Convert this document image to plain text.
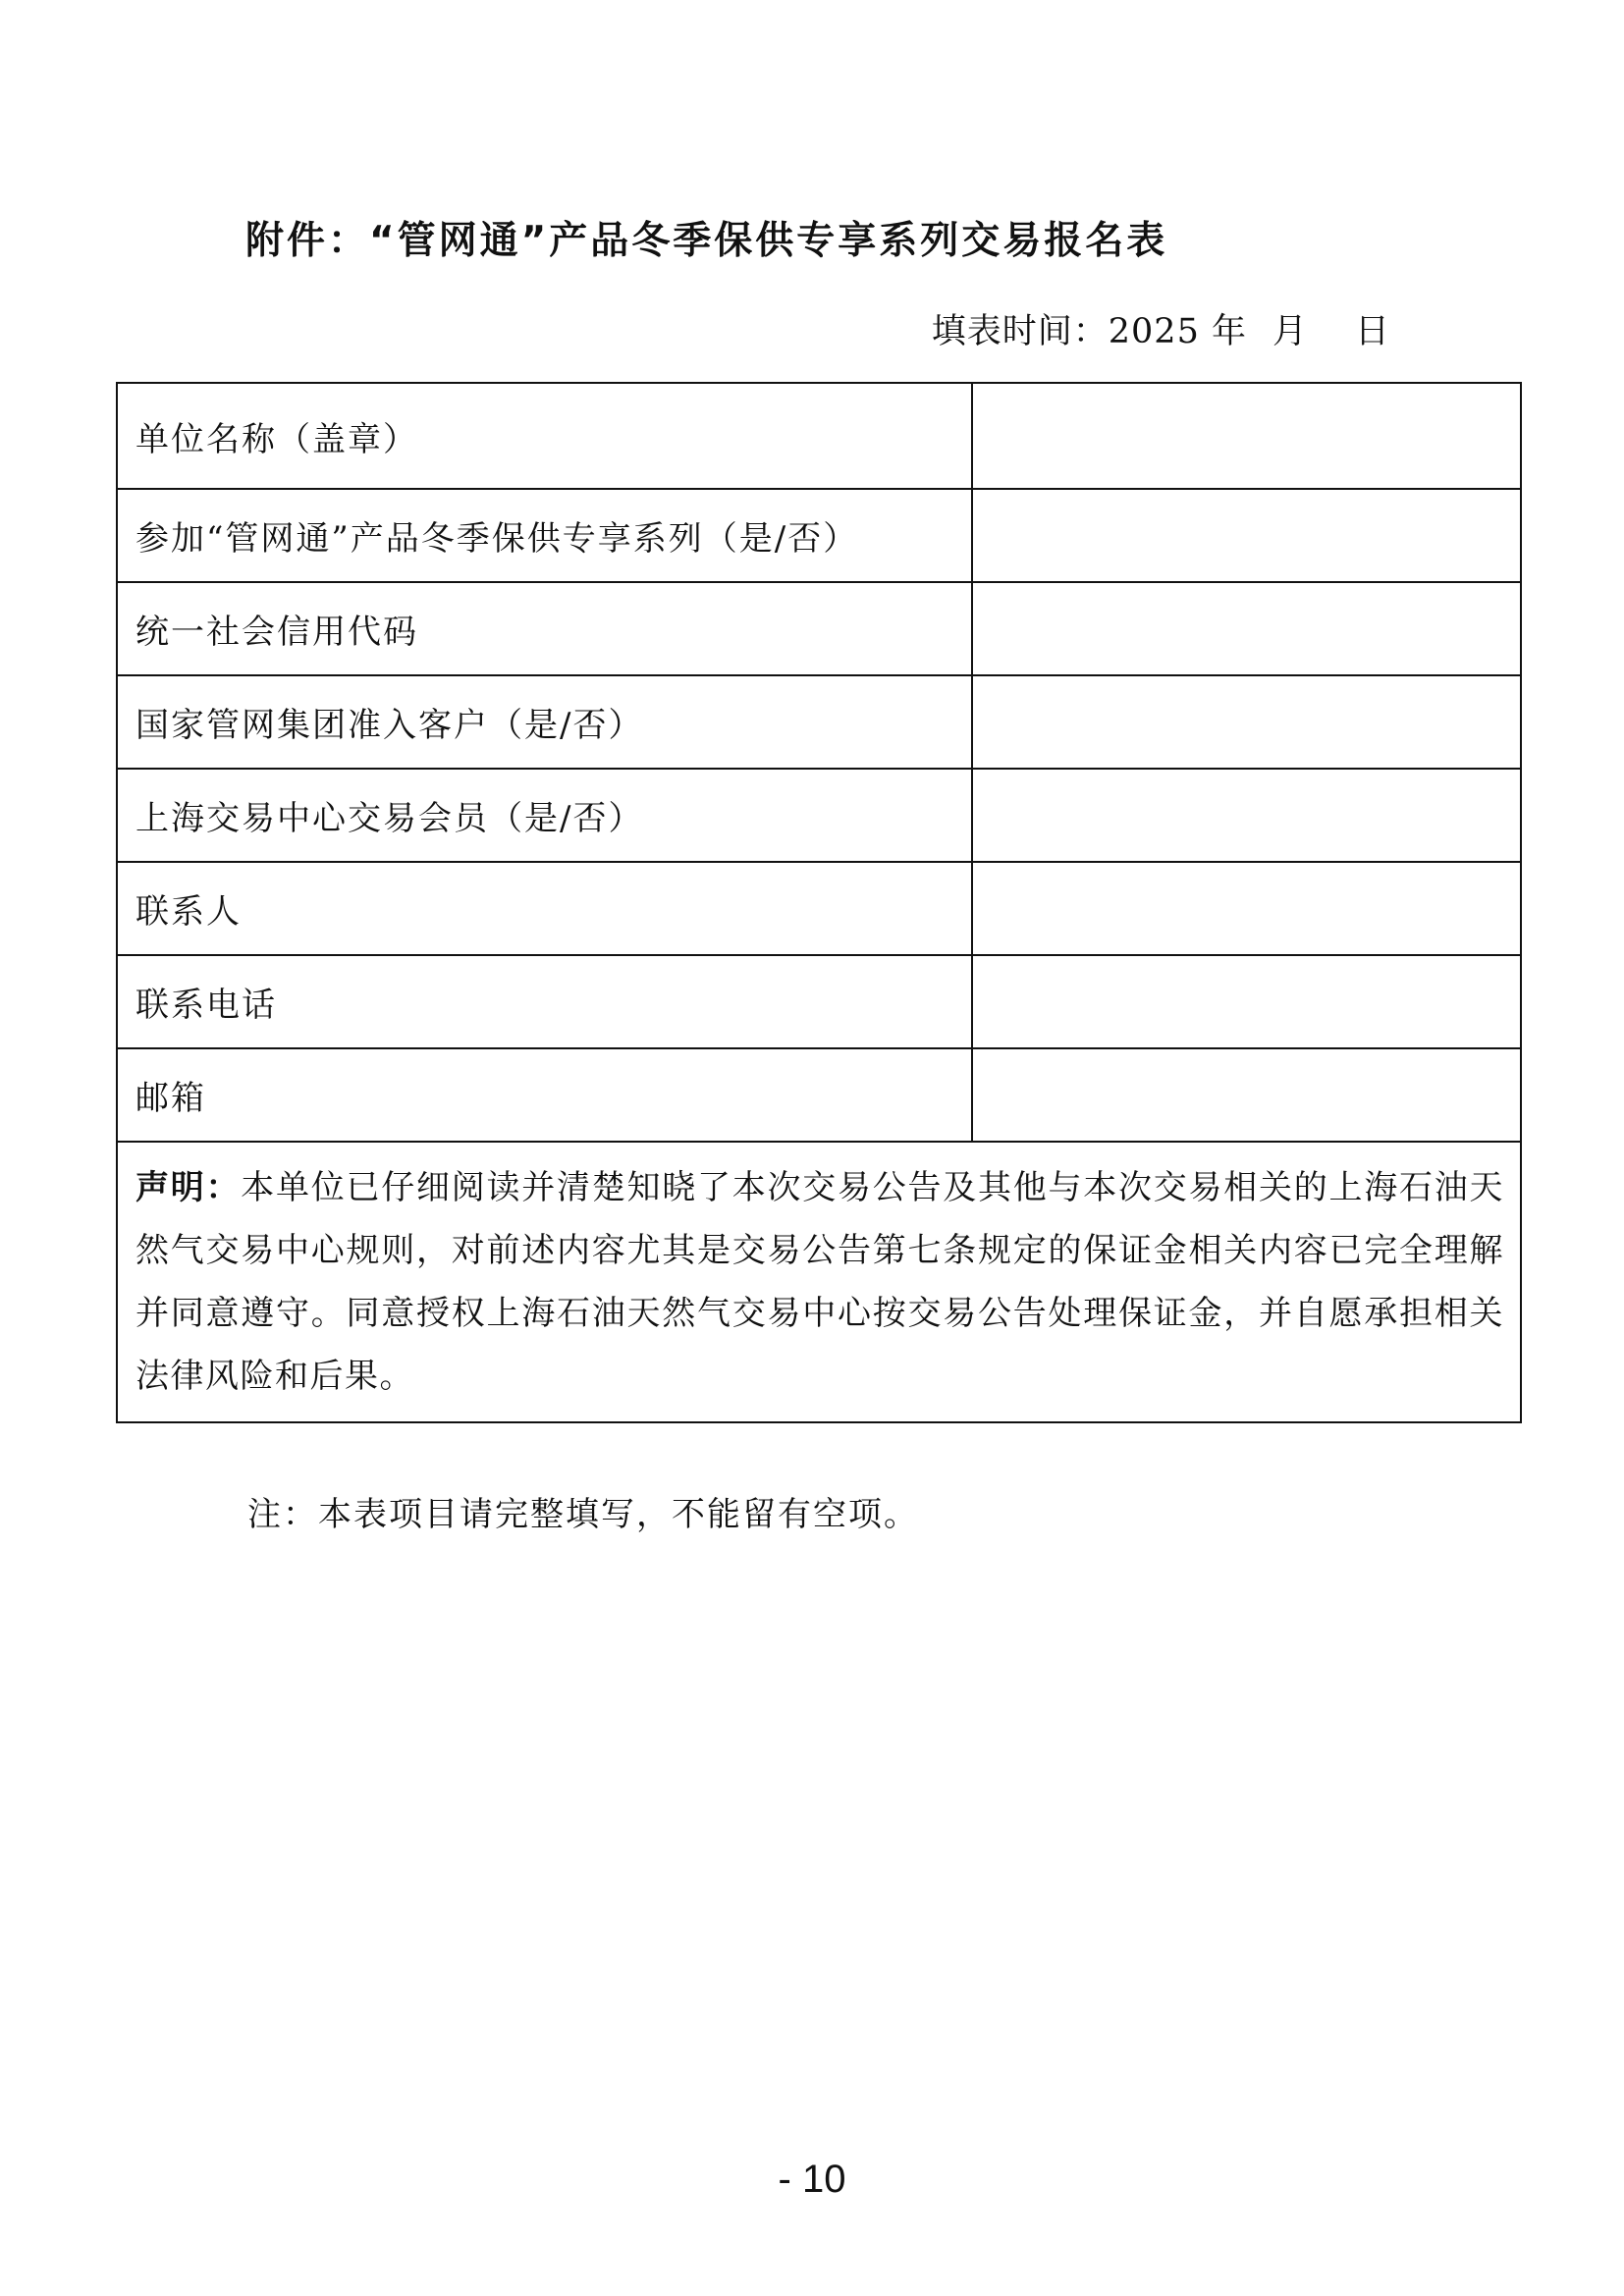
附件：“管网通”产品冬季保供专享系列交易报名表
填表时间：2025 年 月 日
单位名称（盖章）	
参加“管网通”产品冬季保供专享系列（是/否）	
统一社会信用代码	
国家管网集团准入客户（是/否）	
上海交易中心交易会员（是/否）	
联系人	
联系电话	
邮箱	
声明：本单位已仔细阅读并清楚知晓了本次交易公告及其他与本次交易相关的上海石油天然气交易中心规则，对前述内容尤其是交易公告第七条规定的保证金相关内容已完全理解并同意遵守。同意授权上海石油天然气交易中心按交易公告处理保证金，并自愿承担相关法律风险和后果。	
注：本表项目请完整填写，不能留有空项。
- 10
